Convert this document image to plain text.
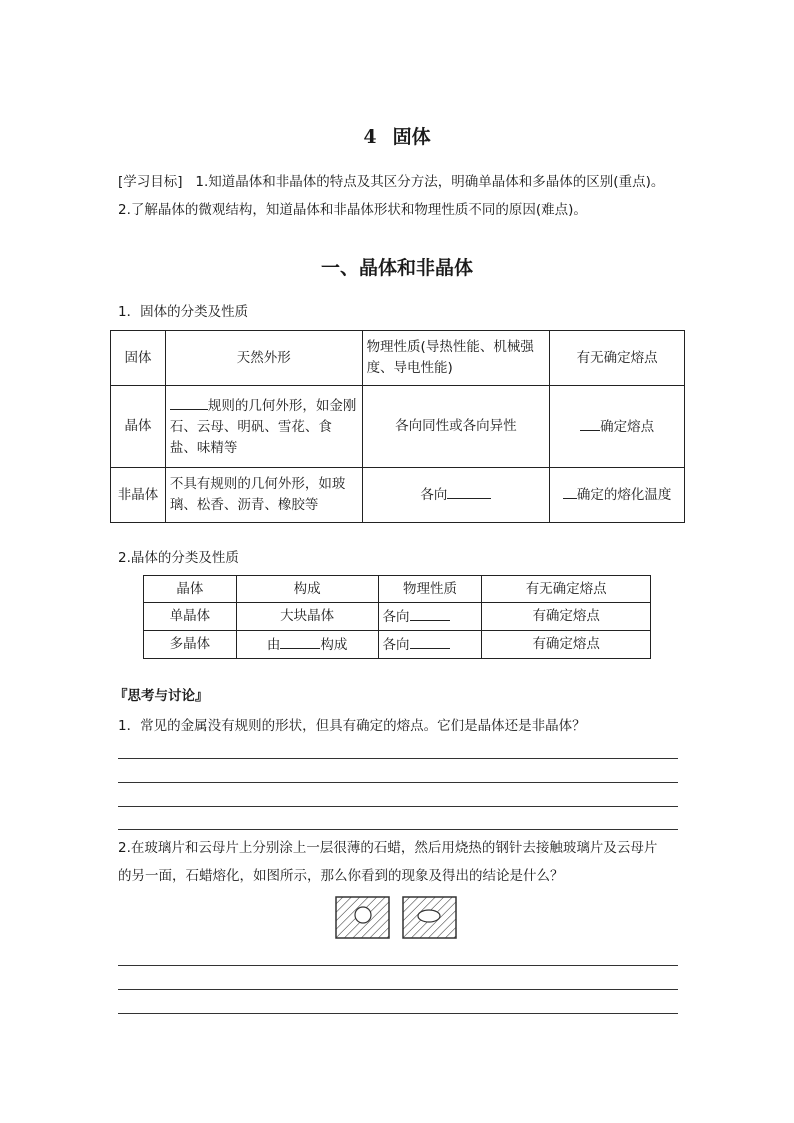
4 固体
[学习目标] 1.知道晶体和非晶体的特点及其区分方法，明确单晶体和多晶体的区别(重点)。
2.了解晶体的微观结构，知道晶体和非晶体形状和物理性质不同的原因(难点)。
一、晶体和非晶体
1．固体的分类及性质
固体	天然外形	物理性质(导热性能、机械强度、导电性能)	有无确定熔点
晶体	规则的几何外形，如金刚石、云母、明矾、雪花、食盐、味精等	各向同性或各向异性	确定熔点
非晶体	不具有规则的几何外形，如玻璃、松香、沥青、橡胶等	各向	确定的熔化温度
2.晶体的分类及性质
晶体	构成	物理性质	有无确定熔点
单晶体	大块晶体	各向	有确定熔点
多晶体	由 构成	各向	有确定熔点
『思考与讨论』
1．常见的金属没有规则的形状，但具有确定的熔点。它们是晶体还是非晶体？
2.在玻璃片和云母片上分别涂上一层很薄的石蜡，然后用烧热的钢针去接触玻璃片及云母片
的另一面，石蜡熔化，如图所示，那么你看到的现象及得出的结论是什么？
